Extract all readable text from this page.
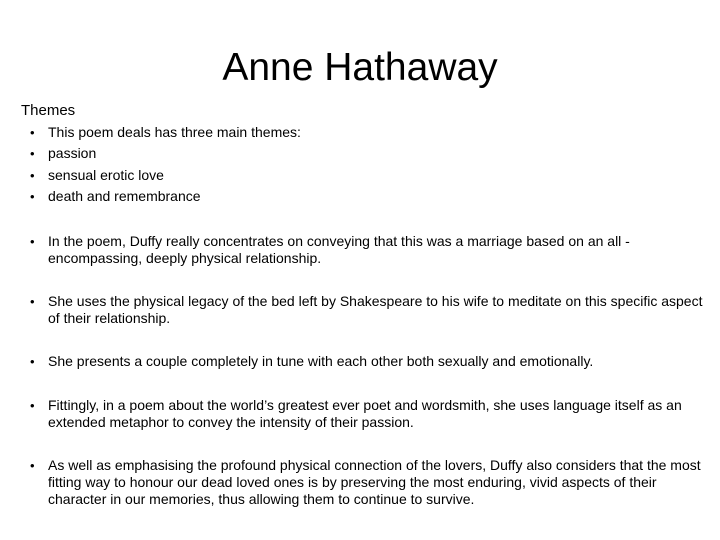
Anne Hathaway
Themes
• This poem deals has three main themes:
• passion
• sensual erotic love
• death and remembrance
• In the poem, Duffy really concentrates on conveying that this was a marriage based on an all - encompassing, deeply physical relationship.
• She uses the physical legacy of the bed left by Shakespeare to his wife to meditate on this specific aspect of their relationship.
• She presents a couple completely in tune with each other both sexually and emotionally.
• Fittingly, in a poem about the world’s greatest ever poet and wordsmith, she uses language itself as an extended metaphor to convey the intensity of their passion.
• As well as emphasising the profound physical connection of the lovers, Duffy also considers that the most fitting way to honour our dead loved ones is by preserving the most enduring, vivid aspects of their character in our memories, thus allowing them to continue to survive.
